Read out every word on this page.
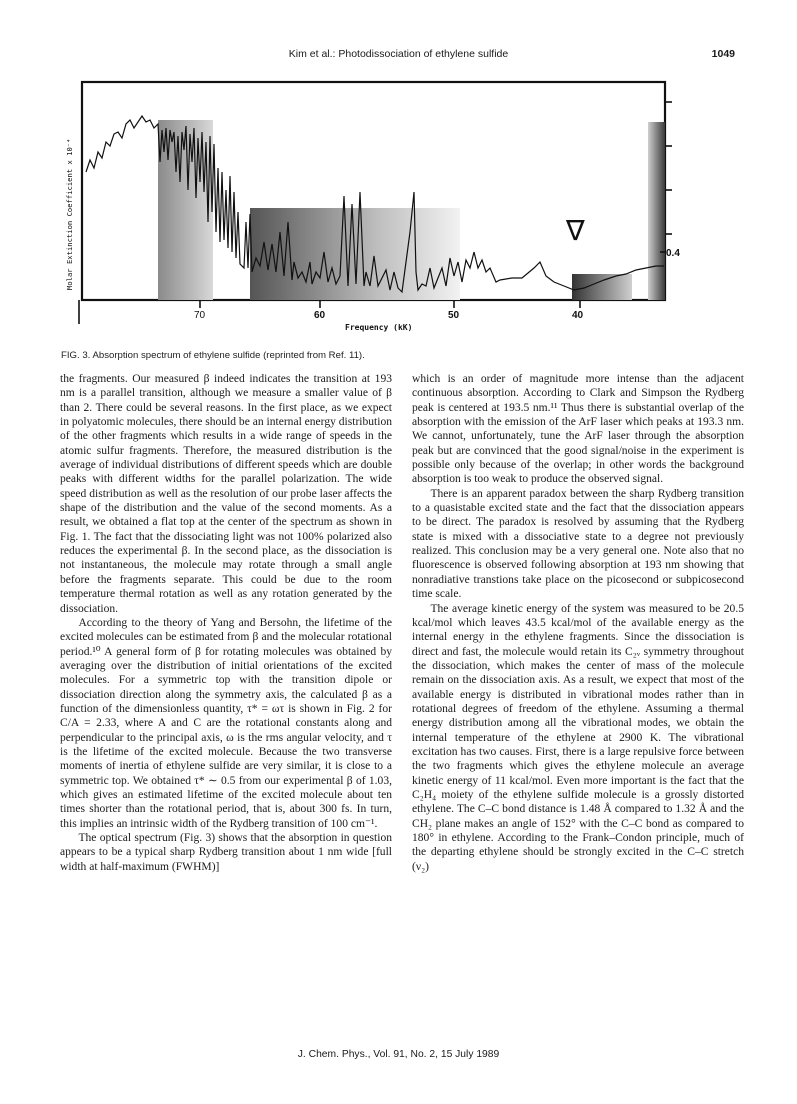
Kim et al.: Photodissociation of ethylene sulfide	1049
∇
0.4
70	60	50	40
Frequency (kK)
Molar Extinction Coefficient x 10⁻⁴
FIG. 3. Absorption spectrum of ethylene sulfide (reprinted from Ref. 11).

the fragments. Our measured β indeed indicates the transition at 193 nm is a parallel transition, although we measure a smaller value of β than 2. There could be several reasons. In the first place, as we expect in polyatomic molecules, there should be an internal energy distribution of the other fragments which results in a wide range of speeds in the atomic sulfur fragments. Therefore, the measured distribution is the average of individual distributions of different speeds which are double peaks with different widths for the parallel polarization. The wide speed distribution as well as the resolution of our probe laser affects the shape of the distribution and the value of the second moments. As a result, we obtained a flat top at the center of the spectrum as shown in Fig. 1. The fact that the dissociating light was not 100% polarized also reduces the experimental β. In the second place, as the dissociation is not instantaneous, the molecule may rotate through a small angle before the fragments separate. This could be due to the room temperature thermal rotation as well as any rotation generated by the dissociation.

According to the theory of Yang and Bersohn, the lifetime of the excited molecules can be estimated from β and the molecular rotational period.¹⁰ A general form of β for rotating molecules was obtained by averaging over the distribution of initial orientations of the excited molecules. For a symmetric top with the transition dipole or dissociation direction along the symmetry axis, the calculated β as a function of the dimensionless quantity, τ* = ωτ is shown in Fig. 2 for C/A = 2.33, where A and C are the rotational constants along and perpendicular to the principal axis, ω is the rms angular velocity, and τ is the lifetime of the excited molecule. Because the two transverse moments of inertia of ethylene sulfide are very similar, it is close to a symmetric top. We obtained τ* ∼ 0.5 from our experimental β of 1.03, which gives an estimated lifetime of the excited molecule about ten times shorter than the rotational period, that is, about 300 fs. In turn, this implies an intrinsic width of the Rydberg transition of 100 cm⁻¹.

The optical spectrum (Fig. 3) shows that the absorption in question appears to be a typical sharp Rydberg transition about 1 nm wide [full width at half-maximum (FWHM)]

which is an order of magnitude more intense than the adjacent continuous absorption. According to Clark and Simpson the Rydberg peak is centered at 193.5 nm.¹¹ Thus there is substantial overlap of the absorption with the emission of the ArF laser which peaks at 193.3 nm. We cannot, unfortunately, tune the ArF laser through the absorption peak but are convinced that the good signal/noise in the experiment is possible only because of the overlap; in other words the background absorption is too weak to produce the observed signal.

There is an apparent paradox between the sharp Rydberg transition to a quasistable excited state and the fact that the dissociation appears to be direct. The paradox is resolved by assuming that the Rydberg state is mixed with a dissociative state to a degree not previously realized. This conclusion may be a very general one. Note also that no fluorescence is observed following absorption at 193 nm showing that nonradiative transtions take place on the picosecond or subpicosecond time scale.

The average kinetic energy of the system was measured to be 20.5 kcal/mol which leaves 43.5 kcal/mol of the available energy as the internal energy in the ethylene fragments. Since the dissociation is direct and fast, the molecule would retain its C₂ᵥ symmetry throughout the dissociation, which makes the center of mass of the molecule remain on the dissociation axis. As a result, we expect that most of the available energy is distributed in vibrational modes rather than in rotational degrees of freedom of the ethylene. Assuming a thermal energy distribution among all the vibrational modes, we obtain the internal temperature of the ethylene at 2900 K. The vibrational excitation has two causes. First, there is a large repulsive force between the two fragments which gives the ethylene molecule an average kinetic energy of 11 kcal/mol. Even more important is the fact that the C₂H₄ moiety of the ethylene sulfide molecule is a grossly distorted ethylene. The C–C bond distance is 1.48 Å compared to 1.32 Å and the CH₂ plane makes an angle of 152° with the C–C bond as compared to 180° in ethylene. According to the Frank–Condon principle, much of the departing ethylene should be strongly excited in the C–C stretch (ν₂)

J. Chem. Phys., Vol. 91, No. 2, 15 July 1989
